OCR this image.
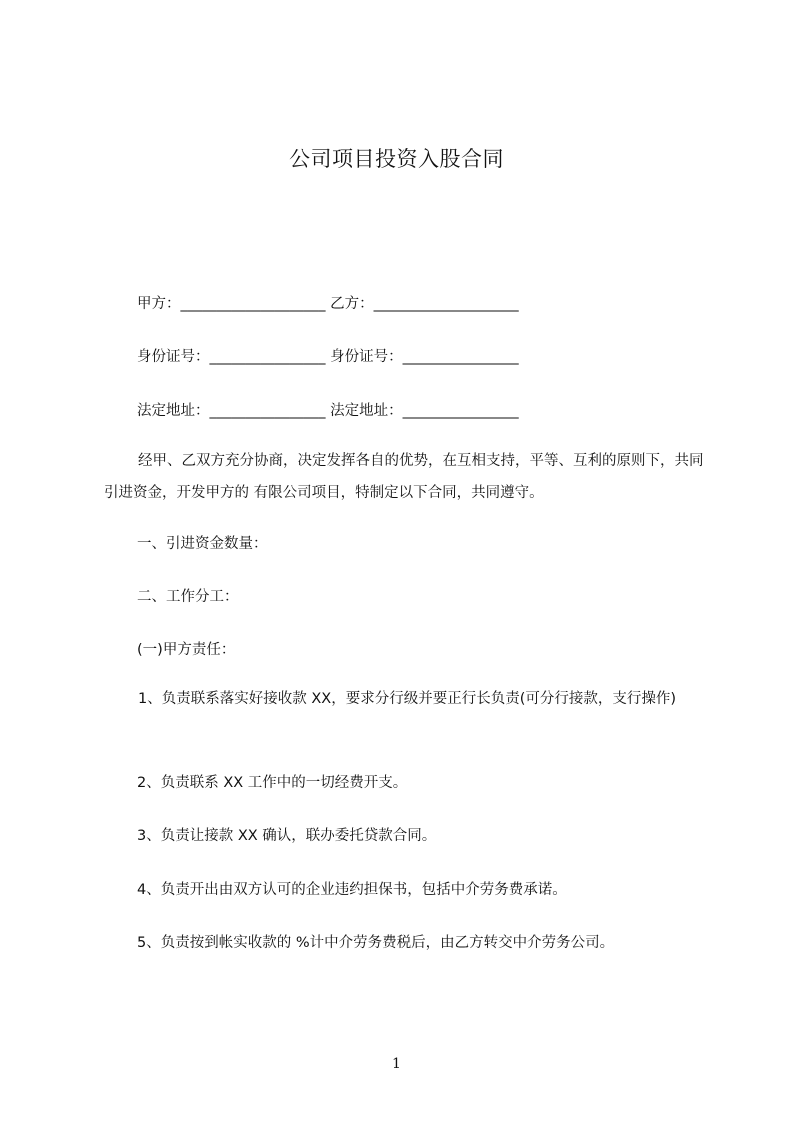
公司项目投资入股合同
甲方：____________________ 乙方：____________________
身份证号：________________ 身份证号：________________
法定地址：________________ 法定地址：________________
经甲、乙双方充分协商，决定发挥各自的优势，在互相支持，平等、互利的原则下，共同引进资金，开发甲方的 有限公司项目，特制定以下合同，共同遵守。
一、引进资金数量：
二、工作分工：
(一)甲方责任：
1、负责联系落实好接收款 XX，要求分行级并要正行长负责(可分行接款，支行操作)
2、负责联系 XX 工作中的一切经费开支。
3、负责让接款 XX 确认，联办委托贷款合同。
4、负责开出由双方认可的企业违约担保书，包括中介劳务费承诺。
5、负责按到帐实收款的 %计中介劳务费税后，由乙方转交中介劳务公司。
1
